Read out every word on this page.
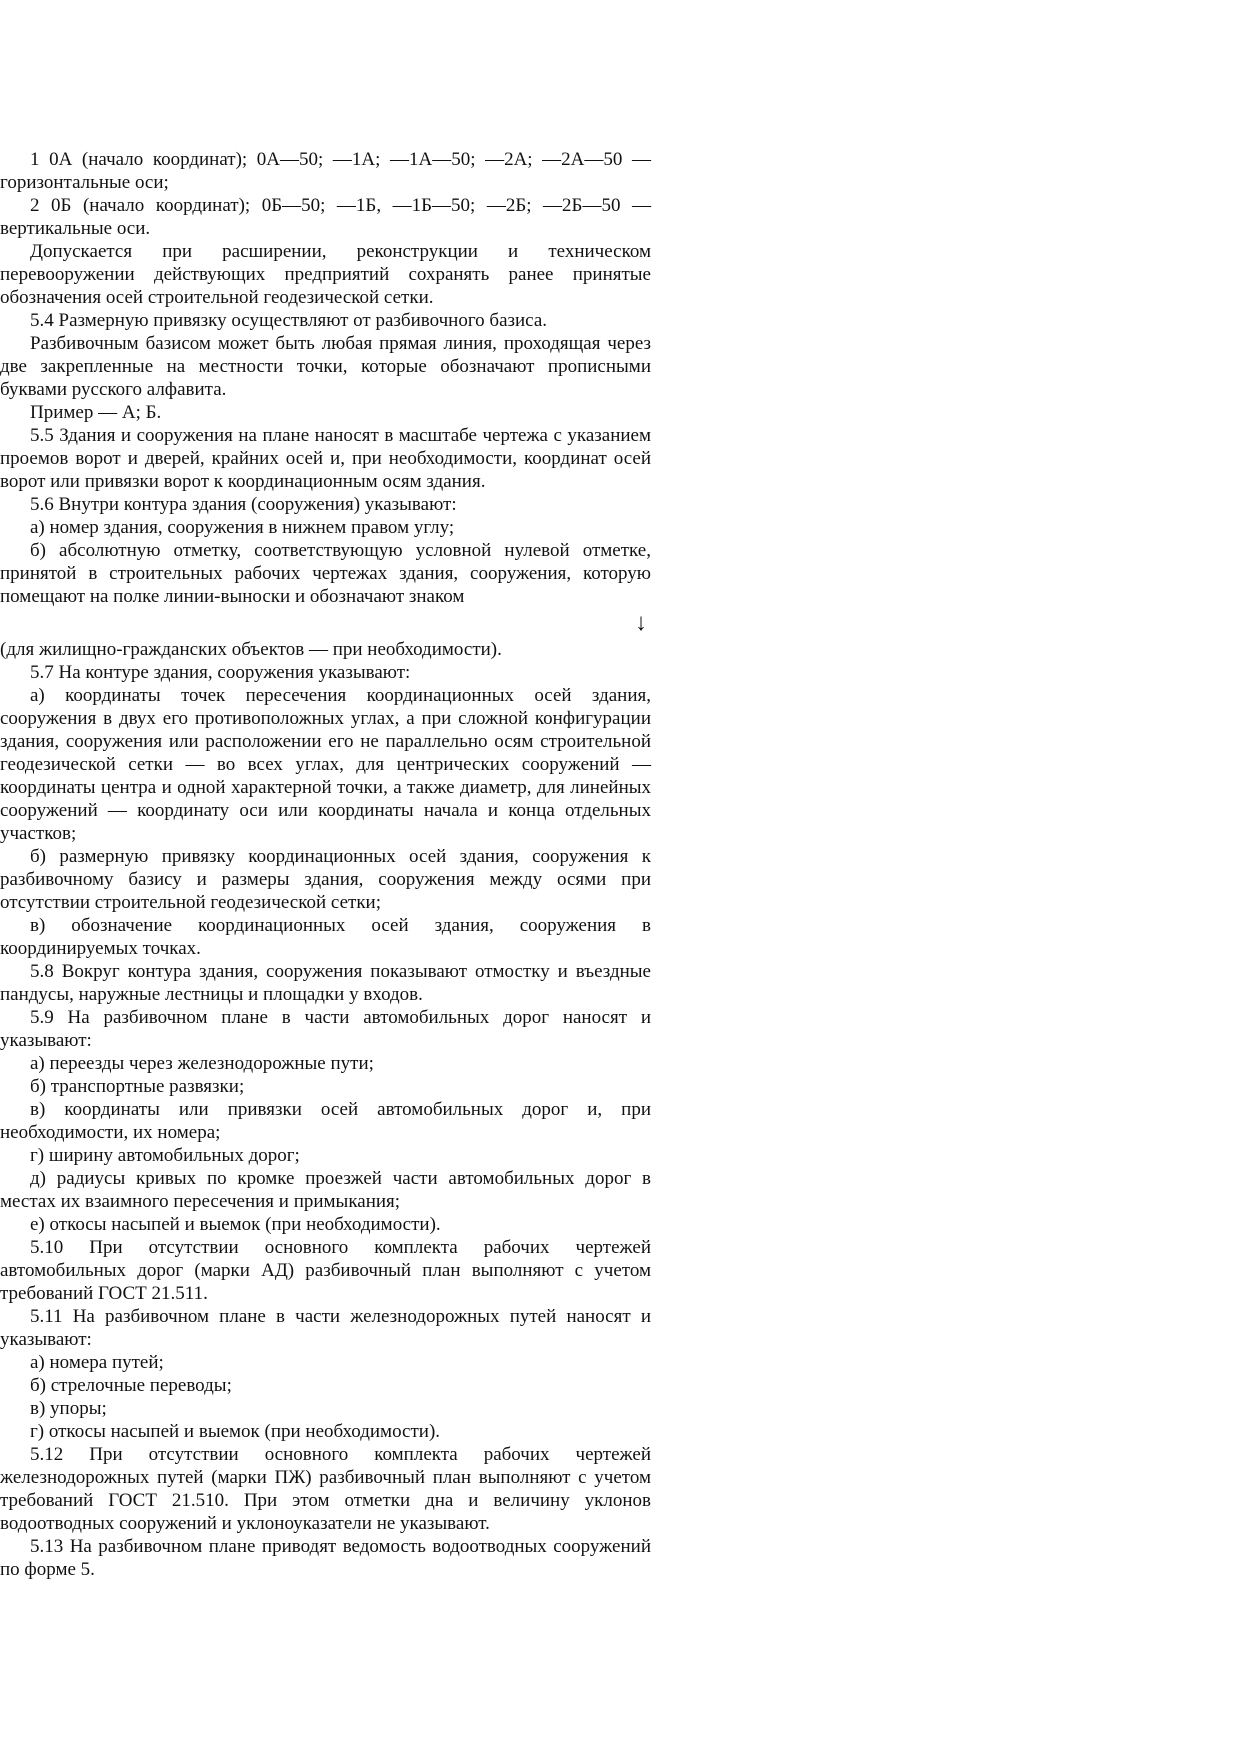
1 0А (начало координат); 0А—50; —1А; —1А—50; —2А; —2А—50 — горизонтальные оси;

2 0Б (начало координат); 0Б—50; —1Б, —1Б—50; —2Б; —2Б—50 — вертикальные оси.

Допускается при расширении, реконструкции и техническом перевооружении действующих предприятий сохранять ранее принятые обозначения осей строительной геодезической сетки.

5.4 Размерную привязку осуществляют от разбивочного базиса.

Разбивочным базисом может быть любая прямая линия, проходящая через две закрепленные на местности точки, которые обозначают прописными буквами русского алфавита.

Пример — А; Б.

5.5 Здания и сооружения на плане наносят в масштабе чертежа с указанием проемов ворот и дверей, крайних осей и, при необходимости, координат осей ворот или привязки ворот к координационным осям здания.

5.6 Внутри контура здания (сооружения) указывают:

а) номер здания, сооружения в нижнем правом углу;

б) абсолютную отметку, соответствующую условной нулевой отметке, принятой в строительных рабочих чертежах здания, сооружения, которую помещают на полке линии-выноски и обозначают знаком

↓

(для жилищно-гражданских объектов — при необходимости).

5.7 На контуре здания, сооружения указывают:

а) координаты точек пересечения координационных осей здания, сооружения в двух его противоположных углах, а при сложной конфигурации здания, сооружения или расположении его не параллельно осям строительной геодезической сетки — во всех углах, для центрических сооружений — координаты центра и одной характерной точки, а также диаметр, для линейных сооружений — координату оси или координаты начала и конца отдельных участков;

б) размерную привязку координационных осей здания, сооружения к разбивочному базису и размеры здания, сооружения между осями при отсутствии строительной геодезической сетки;

в) обозначение координационных осей здания, сооружения в координируемых точках.

5.8 Вокруг контура здания, сооружения показывают отмостку и въездные пандусы, наружные лестницы и площадки у входов.

5.9 На разбивочном плане в части автомобильных дорог наносят и указывают:

а) переезды через железнодорожные пути;

б) транспортные развязки;

в) координаты или привязки осей автомобильных дорог и, при необходимости, их номера;

г) ширину автомобильных дорог;

д) радиусы кривых по кромке проезжей части автомобильных дорог в местах их взаимного пересечения и примыкания;

е) откосы насыпей и выемок (при необходимости).

5.10 При отсутствии основного комплекта рабочих чертежей автомобильных дорог (марки АД) разбивочный план выполняют с учетом требований ГОСТ 21.511.

5.11 На разбивочном плане в части железнодорожных путей наносят и указывают:

а) номера путей;

б) стрелочные переводы;

в) упоры;

г) откосы насыпей и выемок (при необходимости).

5.12 При отсутствии основного комплекта рабочих чертежей железнодорожных путей (марки ПЖ) разбивочный план выполняют с учетом требований ГОСТ 21.510. При этом отметки дна и величину уклонов водоотводных сооружений и уклоноуказатели не указывают.

5.13 На разбивочном плане приводят ведомость водоотводных сооружений по форме 5.
